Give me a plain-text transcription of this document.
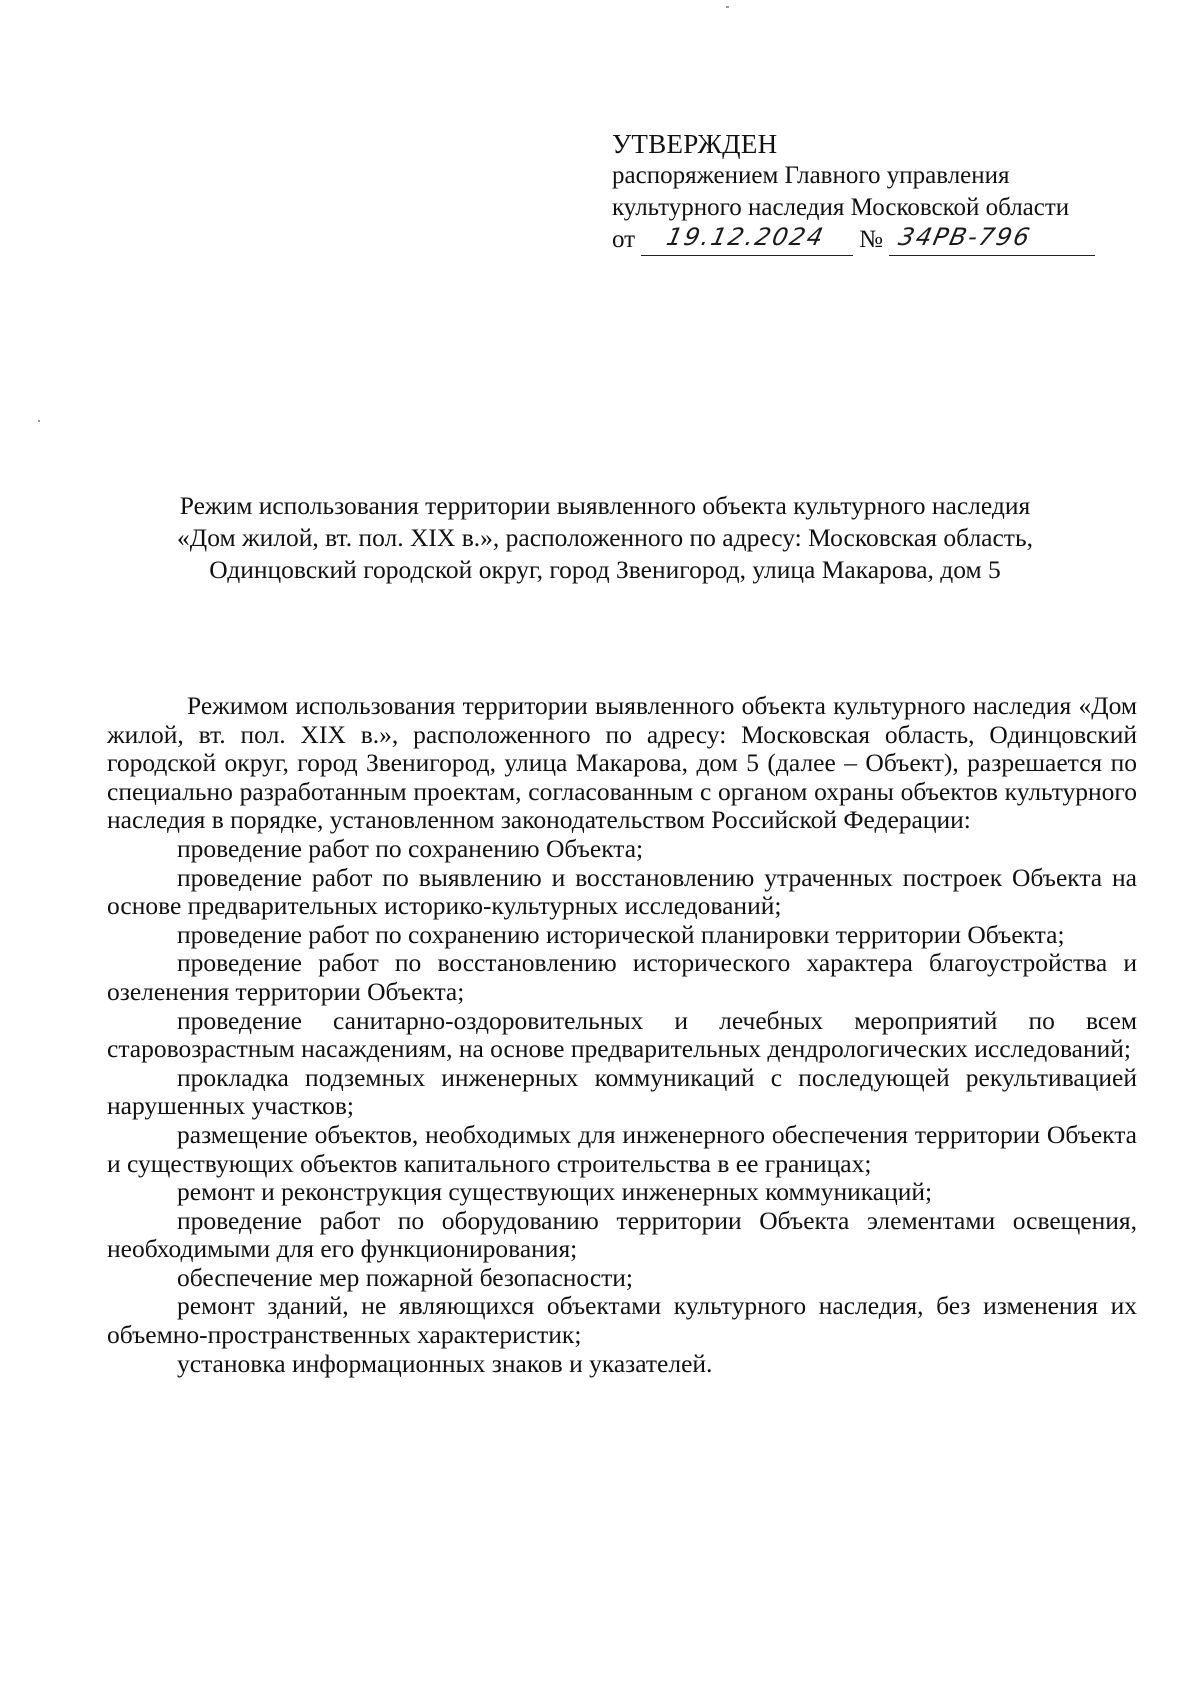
УТВЕРЖДЕН
распоряжением Главного управления
культурного наследия Московской области
от 19.12.2024 № 34РВ-796
Режим использования территории выявленного объекта культурного наследия
«Дом жилой, вт. пол. XIX в.», расположенного по адресу: Московская область,
Одинцовский городской округ, город Звенигород, улица Макарова, дом 5

Режимом использования территории выявленного объекта культурного наследия «Дом жилой, вт. пол. XIX в.», расположенного по адресу: Московская область, Одинцовский городской округ, город Звенигород, улица Макарова, дом 5 (далее – Объект), разрешается по специально разработанным проектам, согласованным с органом охраны объектов культурного наследия в порядке, установленном законодательством Российской Федерации:

проведение работ по сохранению Объекта;

проведение работ по выявлению и восстановлению утраченных построек Объекта на основе предварительных историко-культурных исследований;

проведение работ по сохранению исторической планировки территории Объекта;

проведение работ по восстановлению исторического характера благоустройства и озеленения территории Объекта;

проведение санитарно-оздоровительных и лечебных мероприятий по всем старовозрастным насаждениям, на основе предварительных дендрологических исследований;

прокладка подземных инженерных коммуникаций с последующей рекультивацией нарушенных участков;

размещение объектов, необходимых для инженерного обеспечения территории Объекта и существующих объектов капитального строительства в ее границах;

ремонт и реконструкция существующих инженерных коммуникаций;

проведение работ по оборудованию территории Объекта элементами освещения, необходимыми для его функционирования;

обеспечение мер пожарной безопасности;

ремонт зданий, не являющихся объектами культурного наследия, без изменения их объемно-пространственных характеристик;

установка информационных знаков и указателей.
